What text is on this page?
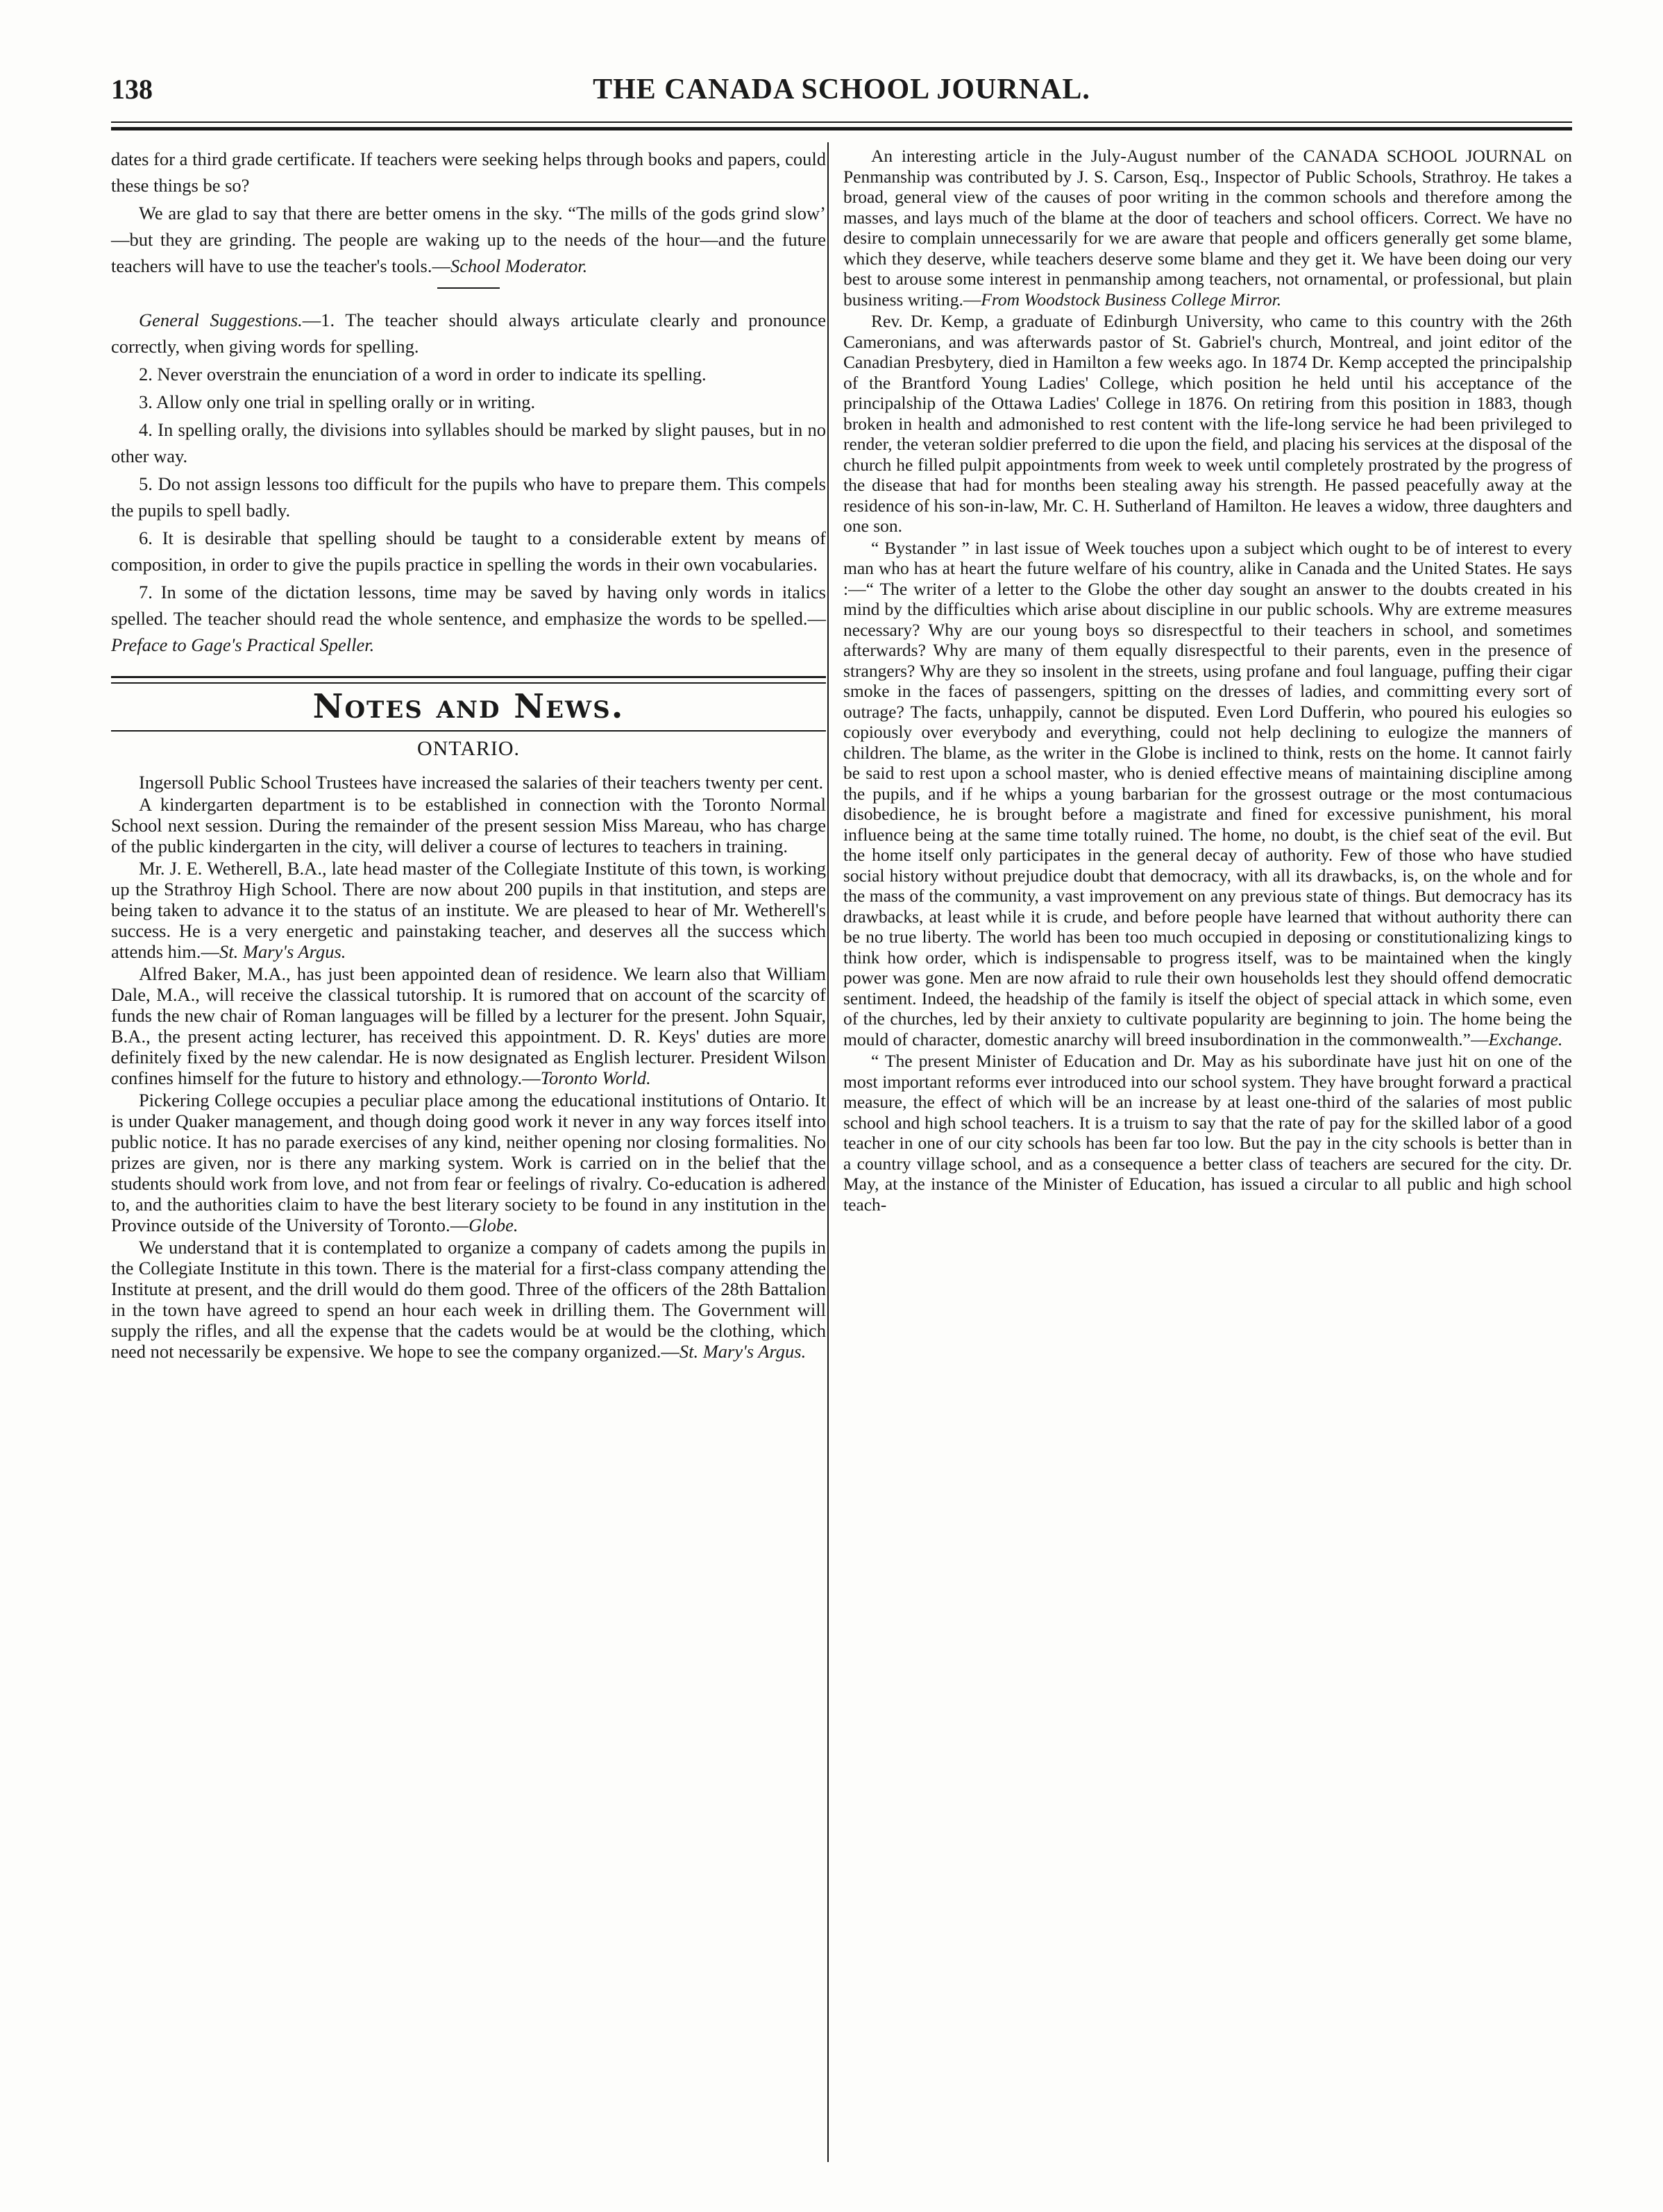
138	THE CANADA SCHOOL JOURNAL.

dates for a third grade certificate. If teachers were seeking helps through books and papers, could these things be so?

We are glad to say that there are better omens in the sky. “The mills of the gods grind slow’ —but they are grinding. The people are waking up to the needs of the hour—and the future teachers will have to use the teacher's tools.—School Moderator.

General Suggestions.—1. The teacher should always articulate clearly and pronounce correctly, when giving words for spelling.

2. Never overstrain the enunciation of a word in order to indicate its spelling.

3. Allow only one trial in spelling orally or in writing.

4. In spelling orally, the divisions into syllables should be marked by slight pauses, but in no other way.

5. Do not assign lessons too difficult for the pupils who have to prepare them. This compels the pupils to spell badly.

6. It is desirable that spelling should be taught to a considerable extent by means of composition, in order to give the pupils practice in spelling the words in their own vocabularies.

7. In some of the dictation lessons, time may be saved by having only words in italics spelled. The teacher should read the whole sentence, and emphasize the words to be spelled.—Preface to Gage's Practical Speller.

Notes and News.
ONTARIO.

Ingersoll Public School Trustees have increased the salaries of their teachers twenty per cent.

A kindergarten department is to be established in connection with the Toronto Normal School next session. During the remainder of the present session Miss Mareau, who has charge of the public kindergarten in the city, will deliver a course of lectures to teachers in training.

Mr. J. E. Wetherell, B.A., late head master of the Collegiate Institute of this town, is working up the Strathroy High School. There are now about 200 pupils in that institution, and steps are being taken to advance it to the status of an institute. We are pleased to hear of Mr. Wetherell's success. He is a very energetic and painstaking teacher, and deserves all the success which attends him.—St. Mary's Argus.

Alfred Baker, M.A., has just been appointed dean of residence. We learn also that William Dale, M.A., will receive the classical tutorship. It is rumored that on account of the scarcity of funds the new chair of Roman languages will be filled by a lecturer for the present. John Squair, B.A., the present acting lecturer, has received this appointment. D. R. Keys' duties are more definitely fixed by the new calendar. He is now designated as English lecturer. President Wilson confines himself for the future to history and ethnology.—Toronto World.

Pickering College occupies a peculiar place among the educational institutions of Ontario. It is under Quaker management, and though doing good work it never in any way forces itself into public notice. It has no parade exercises of any kind, neither opening nor closing formalities. No prizes are given, nor is there any marking system. Work is carried on in the belief that the students should work from love, and not from fear or feelings of rivalry. Co-education is adhered to, and the authorities claim to have the best literary society to be found in any institution in the Province outside of the University of Toronto.—Globe.

We understand that it is contemplated to organize a company of cadets among the pupils in the Collegiate Institute in this town. There is the material for a first-class company attending the Institute at present, and the drill would do them good. Three of the officers of the 28th Battalion in the town have agreed to spend an hour each week in drilling them. The Government will supply the rifles, and all the expense that the cadets would be at would be the clothing, which need not necessarily be expensive. We hope to see the company organized.—St. Mary's Argus.

An interesting article in the July-August number of the CANADA SCHOOL JOURNAL on Penmanship was contributed by J. S. Carson, Esq., Inspector of Public Schools, Strathroy. He takes a broad, general view of the causes of poor writing in the common schools and therefore among the masses, and lays much of the blame at the door of teachers and school officers. Correct. We have no desire to complain unnecessarily for we are aware that people and officers generally get some blame, which they deserve, while teachers deserve some blame and they get it. We have been doing our very best to arouse some interest in penmanship among teachers, not ornamental, or professional, but plain business writing.—From Woodstock Business College Mirror.

Rev. Dr. Kemp, a graduate of Edinburgh University, who came to this country with the 26th Cameronians, and was afterwards pastor of St. Gabriel's church, Montreal, and joint editor of the Canadian Presbytery, died in Hamilton a few weeks ago. In 1874 Dr. Kemp accepted the principalship of the Brantford Young Ladies' College, which position he held until his acceptance of the principalship of the Ottawa Ladies' College in 1876. On retiring from this position in 1883, though broken in health and admonished to rest content with the life-long service he had been privileged to render, the veteran soldier preferred to die upon the field, and placing his services at the disposal of the church he filled pulpit appointments from week to week until completely prostrated by the progress of the disease that had for months been stealing away his strength. He passed peacefully away at the residence of his son-in-law, Mr. C. H. Sutherland of Hamilton. He leaves a widow, three daughters and one son.

“ Bystander ” in last issue of Week touches upon a subject which ought to be of interest to every man who has at heart the future welfare of his country, alike in Canada and the United States. He says :—“ The writer of a letter to the Globe the other day sought an answer to the doubts created in his mind by the difficulties which arise about discipline in our public schools. Why are extreme measures necessary? Why are our young boys so disrespectful to their teachers in school, and sometimes afterwards? Why are many of them equally disrespectful to their parents, even in the presence of strangers? Why are they so insolent in the streets, using profane and foul language, puffing their cigar smoke in the faces of passengers, spitting on the dresses of ladies, and committing every sort of outrage? The facts, unhappily, cannot be disputed. Even Lord Dufferin, who poured his eulogies so copiously over everybody and everything, could not help declining to eulogize the manners of children. The blame, as the writer in the Globe is inclined to think, rests on the home. It cannot fairly be said to rest upon a school master, who is denied effective means of maintaining discipline among the pupils, and if he whips a young barbarian for the grossest outrage or the most contumacious disobedience, he is brought before a magistrate and fined for excessive punishment, his moral influence being at the same time totally ruined. The home, no doubt, is the chief seat of the evil. But the home itself only participates in the general decay of authority. Few of those who have studied social history without prejudice doubt that democracy, with all its drawbacks, is, on the whole and for the mass of the community, a vast improvement on any previous state of things. But democracy has its drawbacks, at least while it is crude, and before people have learned that without authority there can be no true liberty. The world has been too much occupied in deposing or constitutionalizing kings to think how order, which is indispensable to progress itself, was to be maintained when the kingly power was gone. Men are now afraid to rule their own households lest they should offend democratic sentiment. Indeed, the headship of the family is itself the object of special attack in which some, even of the churches, led by their anxiety to cultivate popularity are beginning to join. The home being the mould of character, domestic anarchy will breed insubordination in the commonwealth.”—Exchange.

“ The present Minister of Education and Dr. May as his subordinate have just hit on one of the most important reforms ever introduced into our school system. They have brought forward a practical measure, the effect of which will be an increase by at least one-third of the salaries of most public school and high school teachers. It is a truism to say that the rate of pay for the skilled labor of a good teacher in one of our city schools has been far too low. But the pay in the city schools is better than in a country village school, and as a consequence a better class of teachers are secured for the city. Dr. May, at the instance of the Minister of Education, has issued a circular to all public and high school teach-
